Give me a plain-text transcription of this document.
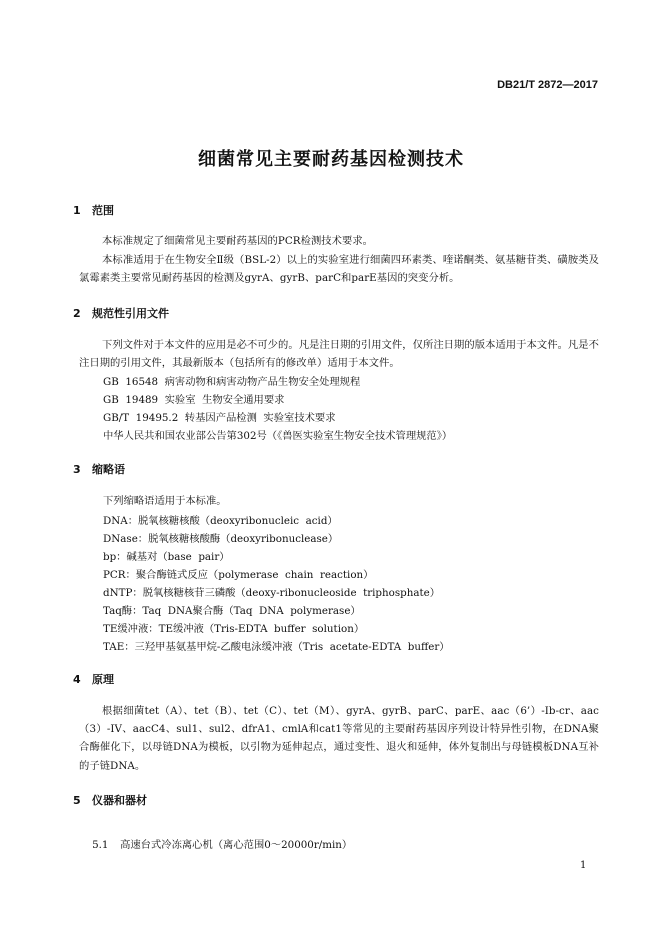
DB21/T 2872—2017
细菌常见主要耐药基因检测技术
1 范围
本标准规定了细菌常见主要耐药基因的PCR检测技术要求。
本标准适用于在生物安全Ⅱ级（BSL-2）以上的实验室进行细菌四环素类、喹诺酮类、氨基糖苷类、磺胺类及氯霉素类主要常见耐药基因的检测及gyrA、gyrB、parC和parE基因的突变分析。
2 规范性引用文件
下列文件对于本文件的应用是必不可少的。凡是注日期的引用文件，仅所注日期的版本适用于本文件。凡是不注日期的引用文件，其最新版本（包括所有的修改单）适用于本文件。
GB  16548  病害动物和病害动物产品生物安全处理规程
GB  19489  实验室  生物安全通用要求
GB/T  19495.2  转基因产品检测  实验室技术要求
中华人民共和国农业部公告第302号（《兽医实验室生物安全技术管理规范》）
3 缩略语
下列缩略语适用于本标准。
DNA：脱氧核糖核酸（deoxyribonucleic  acid）
DNase：脱氧核糖核酸酶（deoxyribonuclease）
bp：碱基对（base  pair）
PCR：聚合酶链式反应（polymerase  chain  reaction）
dNTP：脱氧核糖核苷三磷酸（deoxy-ribonucleoside  triphosphate）
Taq酶：Taq  DNA聚合酶（Taq  DNA  polymerase）
TE缓冲液：TE缓冲液（Tris-EDTA  buffer  solution）
TAE：三羟甲基氨基甲烷-乙酸电泳缓冲液（Tris  acetate-EDTA  buffer）
4 原理
根据细菌tet（A）、tet（B）、tet（C）、tet（M）、gyrA、gyrB、parC、parE、aac（6’）-Ib-cr、aac（3）-IV、aacC4、sul1、sul2、dfrA1、cmlA和cat1等常见的主要耐药基因序列设计特异性引物，在DNA聚合酶催化下，以母链DNA为模板，以引物为延伸起点，通过变性、退火和延伸，体外复制出与母链模板DNA互补的子链DNA。
5 仪器和器材

5.1 高速台式冷冻离心机（离心范围0～20000r/min）

1
